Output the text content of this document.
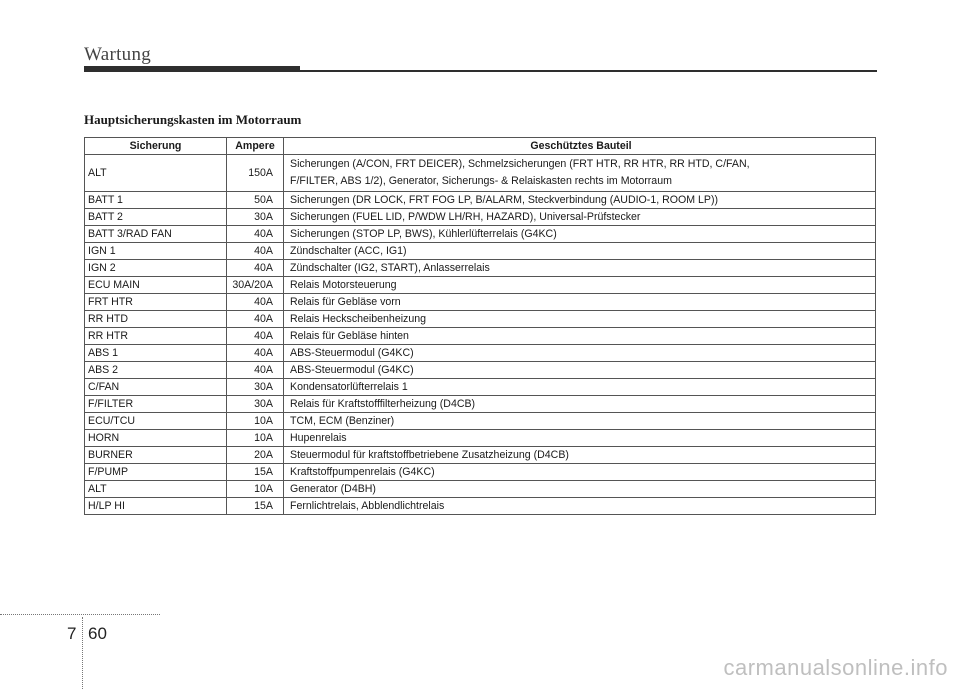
Wartung
Hauptsicherungskasten im Motorraum
Sicherung	Ampere	Geschütztes Bauteil
ALT	150A	Sicherungen (A/CON, FRT DEICER), Schmelzsicherungen (FRT HTR, RR HTR, RR HTD, C/FAN,
F/FILTER, ABS 1/2), Generator, Sicherungs- & Relaiskasten rechts im Motorraum

BATT 1	50A	Sicherungen (DR LOCK, FRT FOG LP, B/ALARM, Steckverbindung (AUDIO-1, ROOM LP))
BATT 2	30A	Sicherungen (FUEL LID, P/WDW LH/RH, HAZARD), Universal-Prüfstecker
BATT 3/RAD FAN	40A	Sicherungen (STOP LP, BWS), Kühlerlüfterrelais (G4KC)
IGN 1	40A	Zündschalter (ACC, IG1)
IGN 2	40A	Zündschalter (IG2, START), Anlasserrelais
ECU MAIN	30A/20A	Relais Motorsteuerung
FRT HTR	40A	Relais für Gebläse vorn
RR HTD	40A	Relais Heckscheibenheizung
RR HTR	40A	Relais für Gebläse hinten
ABS 1	40A	ABS-Steuermodul (G4KC)
ABS 2	40A	ABS-Steuermodul (G4KC)
C/FAN	30A	Kondensatorlüfterrelais 1
F/FILTER	30A	Relais für Kraftstofffilterheizung (D4CB)
ECU/TCU	10A	TCM, ECM (Benziner)
HORN	10A	Hupenrelais
BURNER	20A	Steuermodul für kraftstoffbetriebene Zusatzheizung (D4CB)
F/PUMP	15A	Kraftstoffpumpenrelais (G4KC)
ALT	10A	Generator (D4BH)
H/LP HI	15A	Fernlichtrelais, Abblendlichtrelais
7 60
carmanualsonline.info
